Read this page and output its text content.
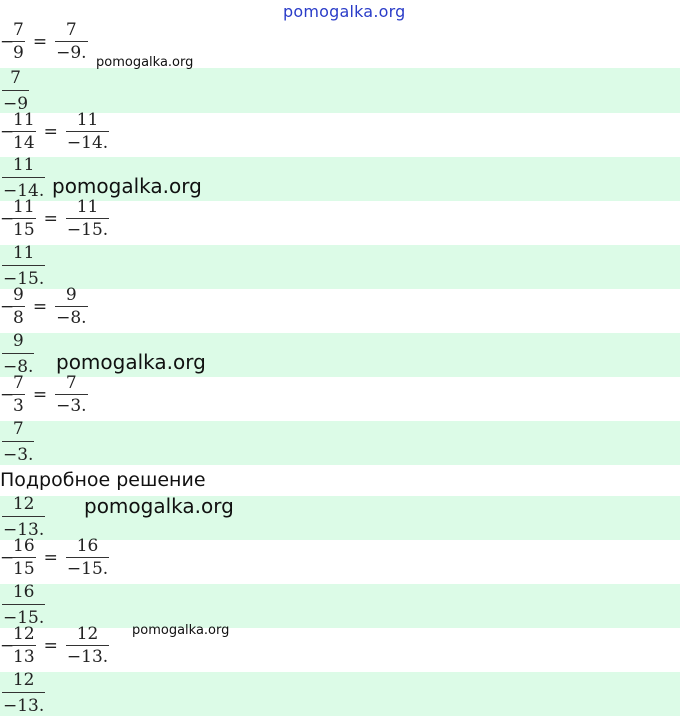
pomogalka.org
−
$\frac{7}{9} = \frac{7}{-9.}$
pomogalka.org
7
−9
−
$\frac{11}{14} = \frac{11}{-14.}$
11
−14. pomogalka.org
−
$\frac{11}{15} = \frac{11}{-15.}$
11
−15.
−
$\frac{9}{8} = \frac{9}{-8.}$
9
−8. pomogalka.org
−
$\frac{7}{3} = \frac{7}{-3.}$
7
−3.
Подробное решение
12
−13.
pomogalka.org
−
$\frac{16}{15} = \frac{16}{-15.}$
16
−15.
−
$\frac{12}{13} = \frac{12}{-13.}$ pomogalka.org
12
−13.
